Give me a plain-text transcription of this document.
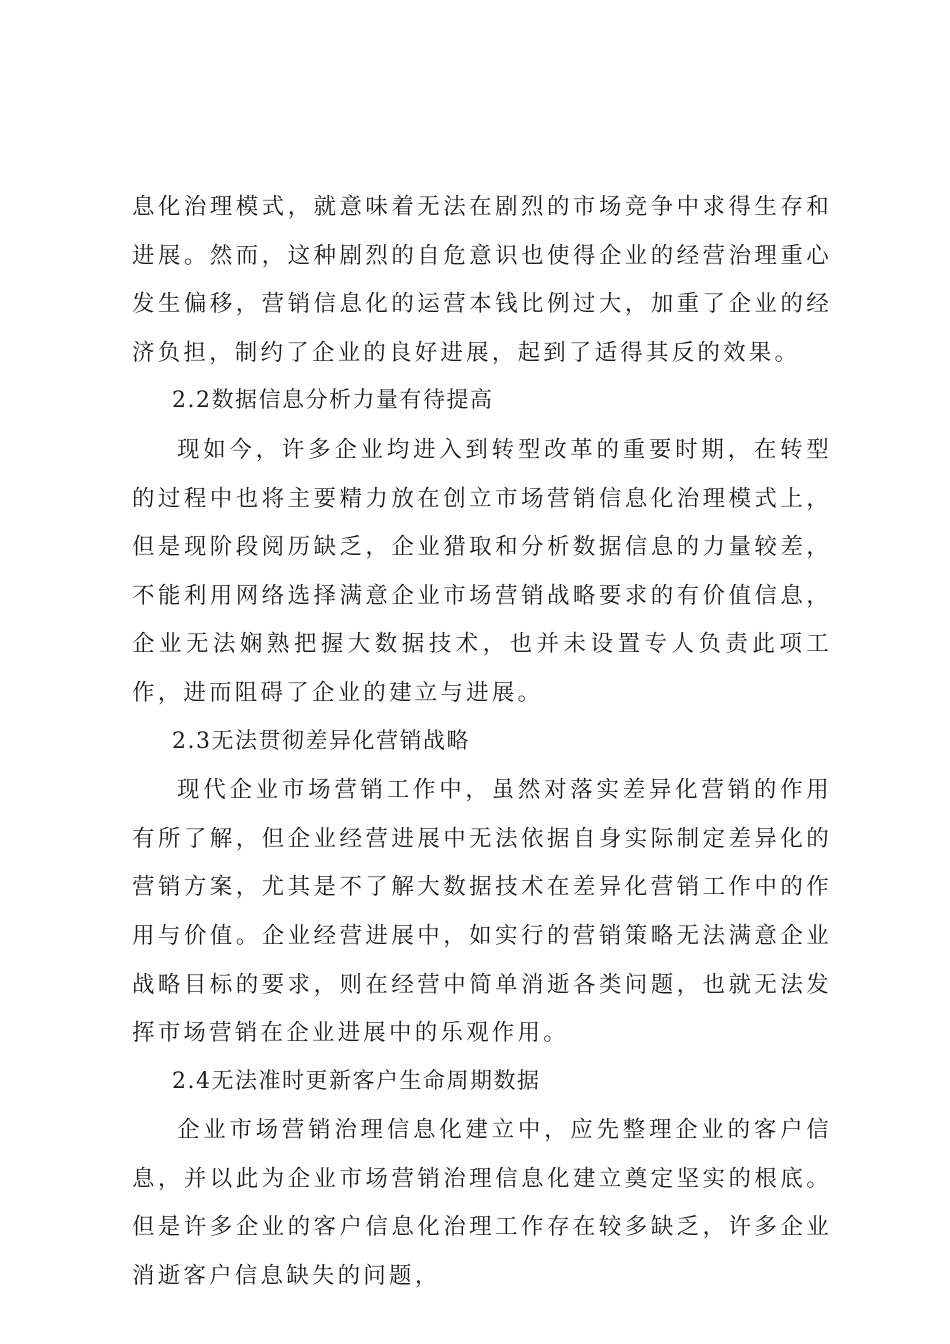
息化治理模式，就意味着无法在剧烈的市场竞争中求得生存和进展。然而，这种剧烈的自危意识也使得企业的经营治理重心发生偏移，营销信息化的运营本钱比例过大，加重了企业的经济负担，制约了企业的良好进展，起到了适得其反的效果。

2.2数据信息分析力量有待提高

现如今，许多企业均进入到转型改革的重要时期，在转型的过程中也将主要精力放在创立市场营销信息化治理模式上，但是现阶段阅历缺乏，企业猎取和分析数据信息的力量较差，不能利用网络选择满意企业市场营销战略要求的有价值信息，企业无法娴熟把握大数据技术，也并未设置专人负责此项工作，进而阻碍了企业的建立与进展。

2.3无法贯彻差异化营销战略

现代企业市场营销工作中，虽然对落实差异化营销的作用有所了解，但企业经营进展中无法依据自身实际制定差异化的营销方案，尤其是不了解大数据技术在差异化营销工作中的作用与价值。企业经营进展中，如实行的营销策略无法满意企业战略目标的要求，则在经营中简单消逝各类问题，也就无法发挥市场营销在企业进展中的乐观作用。

2.4无法准时更新客户生命周期数据

企业市场营销治理信息化建立中，应先整理企业的客户信息，并以此为企业市场营销治理信息化建立奠定坚实的根底。但是许多企业的客户信息化治理工作存在较多缺乏，许多企业消逝客户信息缺失的问题，
